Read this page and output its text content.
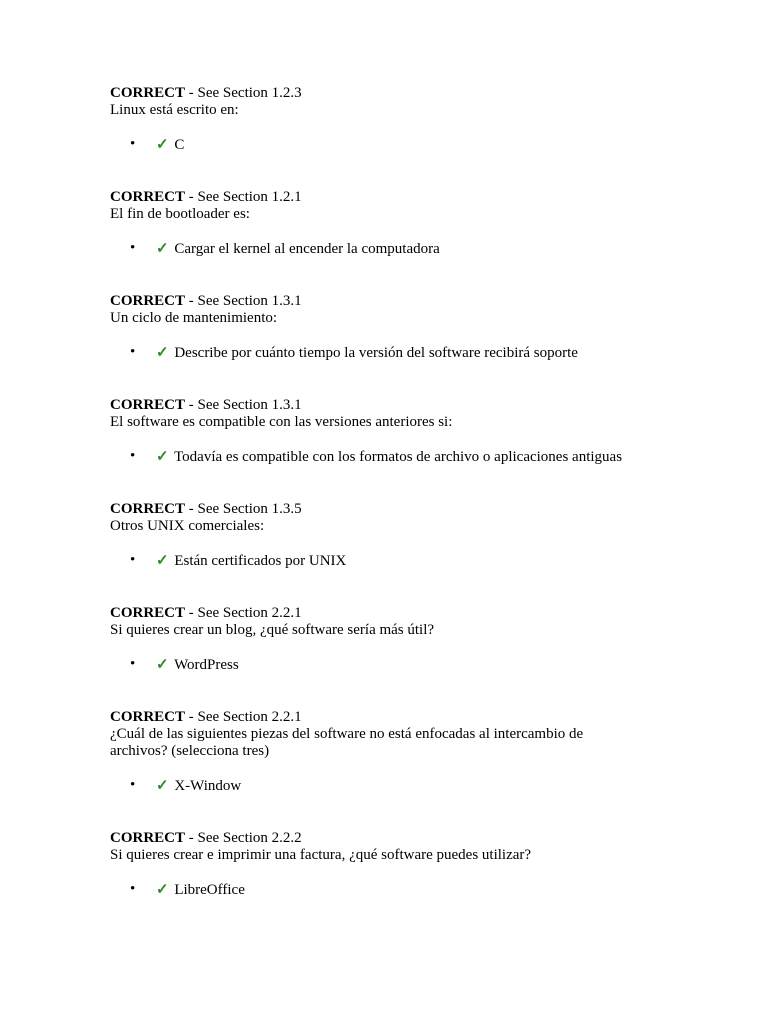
CORRECT - See Section 1.2.3
Linux está escrito en:
• ✓ C
CORRECT - See Section 1.2.1
El fin de bootloader es:
• ✓ Cargar el kernel al encender la computadora
CORRECT - See Section 1.3.1
Un ciclo de mantenimiento:
• ✓ Describe por cuánto tiempo la versión del software recibirá soporte
CORRECT - See Section 1.3.1
El software es compatible con las versiones anteriores si:
• ✓ Todavía es compatible con los formatos de archivo o aplicaciones antiguas
CORRECT - See Section 1.3.5
Otros UNIX comerciales:
• ✓ Están certificados por UNIX
CORRECT - See Section 2.2.1
Si quieres crear un blog, ¿qué software sería más útil?
• ✓ WordPress
CORRECT - See Section 2.2.1
¿Cuál de las siguientes piezas del software no está enfocadas al intercambio de archivos? (selecciona tres)
• ✓ X-Window
CORRECT - See Section 2.2.2
Si quieres crear e imprimir una factura, ¿qué software puedes utilizar?
• ✓ LibreOffice
